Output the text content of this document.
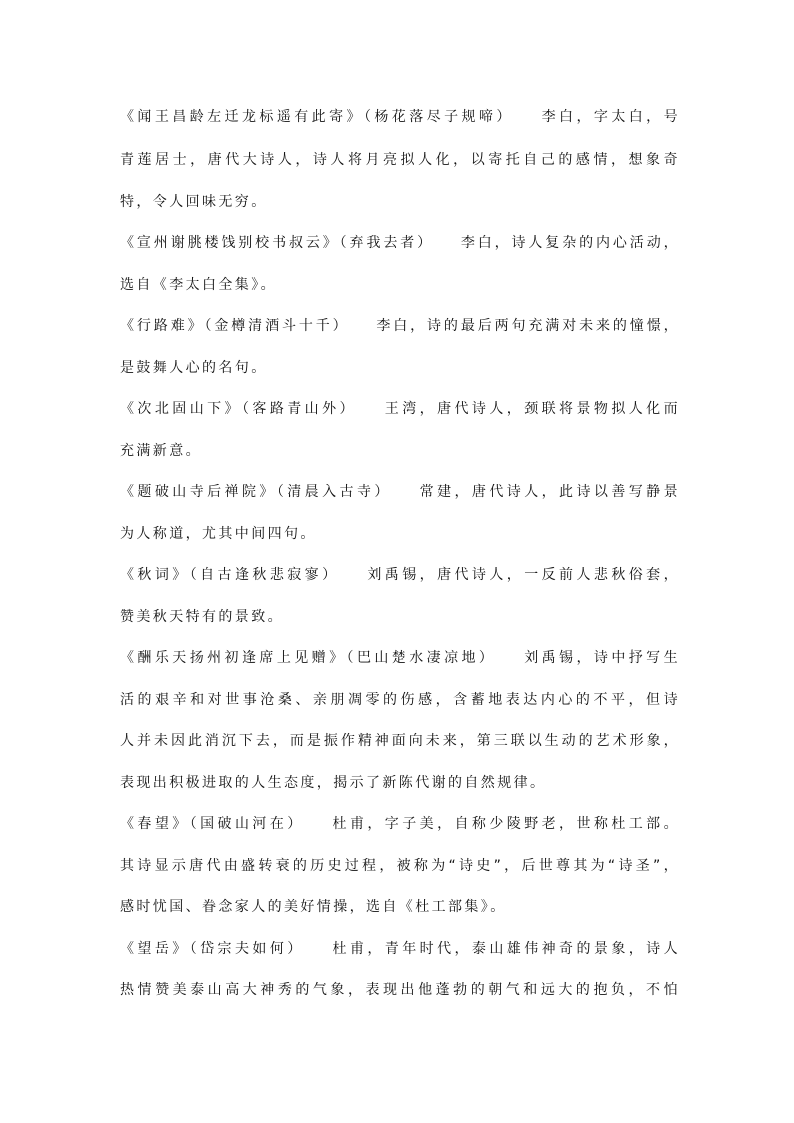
《闻王昌龄左迁龙标遥有此寄》（杨花落尽子规啼）　　李白，字太白，号
青莲居士，唐代大诗人，诗人将月亮拟人化，以寄托自己的感情，想象奇
特，令人回味无穷。
《宣州谢朓楼饯别校书叔云》（弃我去者）　　李白，诗人复杂的内心活动，
选自《李太白全集》。
《行路难》（金樽清酒斗十千）　　李白，诗的最后两句充满对未来的憧憬，
是鼓舞人心的名句。
《次北固山下》（客路青山外）　　王湾，唐代诗人，颈联将景物拟人化而
充满新意。
《题破山寺后禅院》（清晨入古寺）　　常建，唐代诗人，此诗以善写静景
为人称道，尤其中间四句。
《秋词》（自古逢秋悲寂寥）　　刘禹锡，唐代诗人，一反前人悲秋俗套，
赞美秋天特有的景致。
《酬乐天扬州初逢席上见赠》（巴山楚水凄凉地）　　刘禹锡，诗中抒写生
活的艰辛和对世事沧桑、亲朋凋零的伤感，含蓄地表达内心的不平，但诗
人并未因此消沉下去，而是振作精神面向未来，第三联以生动的艺术形象，
表现出积极进取的人生态度，揭示了新陈代谢的自然规律。
《春望》（国破山河在）　　杜甫，字子美，自称少陵野老，世称杜工部。
其诗显示唐代由盛转衰的历史过程，被称为“诗史”，后世尊其为“诗圣”，
感时忧国、眷念家人的美好情操，选自《杜工部集》。
《望岳》（岱宗夫如何）　　杜甫，青年时代，泰山雄伟神奇的景象，诗人
热情赞美泰山高大神秀的气象，表现出他蓬勃的朝气和远大的抱负，不怕
